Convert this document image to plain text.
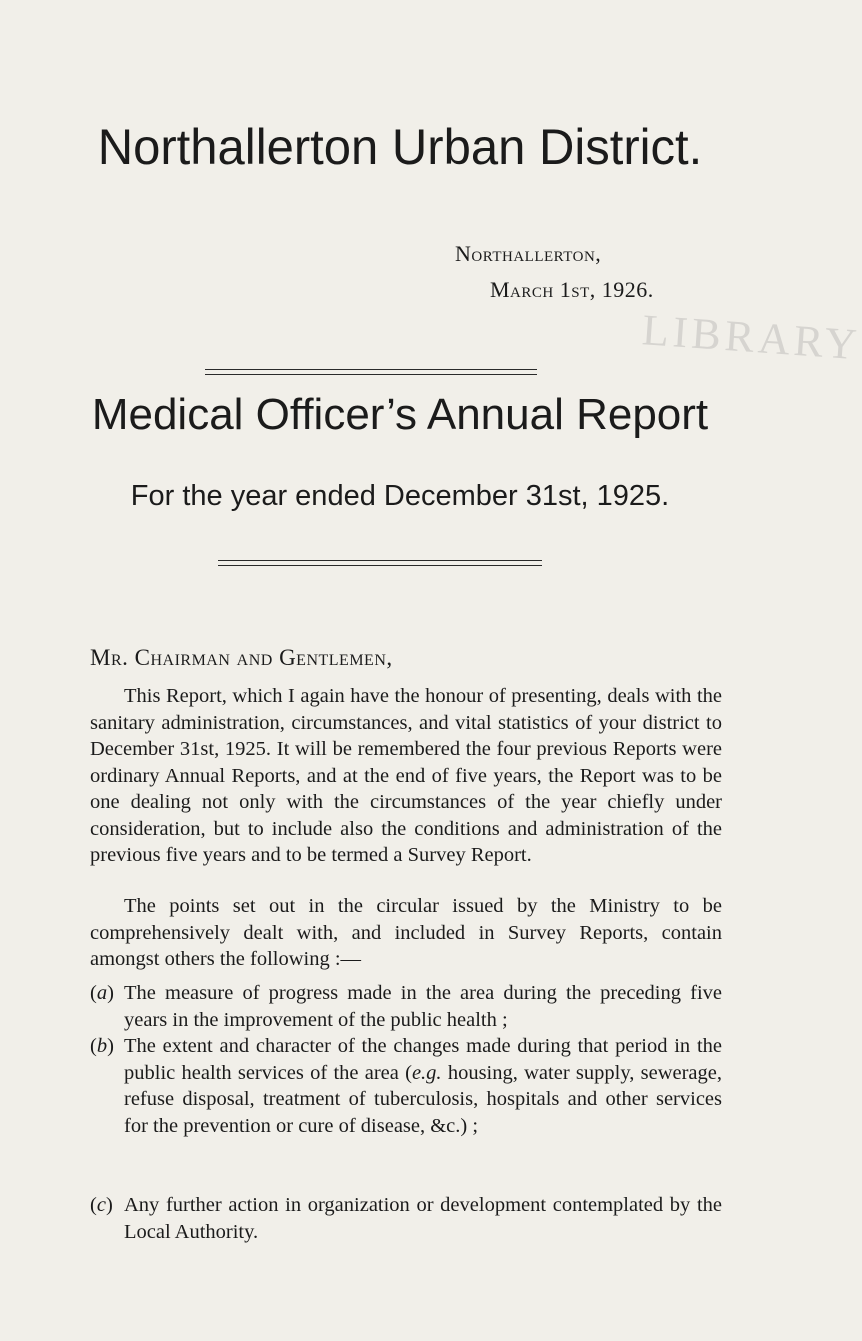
LIBRARY
Northallerton Urban District.
Northallerton,
March 1st, 1926.
Medical Officer’s Annual Report
For the year ended December 31st, 1925.
Mr. Chairman and Gentlemen,
This Report, which I again have the honour of presenting, deals with the sanitary administration, circumstances, and vital statistics of your district to December 31st, 1925. It will be remembered the four previous Reports were ordinary Annual Reports, and at the end of five years, the Report was to be one dealing not only with the circumstances of the year chiefly under consideration, but to include also the conditions and administration of the previous five years and to be termed a Survey Report.
The points set out in the circular issued by the Ministry to be comprehensively dealt with, and included in Survey Reports, contain amongst others the following :—
(a) The measure of progress made in the area during the preceding five years in the improvement of the public health ;
(b) The extent and character of the changes made during that period in the public health services of the area (e.g. housing, water supply, sewerage, refuse disposal, treatment of tuberculosis, hospitals and other services for the prevention or cure of disease, &c.) ;
(c) Any further action in organization or development contemplated by the Local Authority.
